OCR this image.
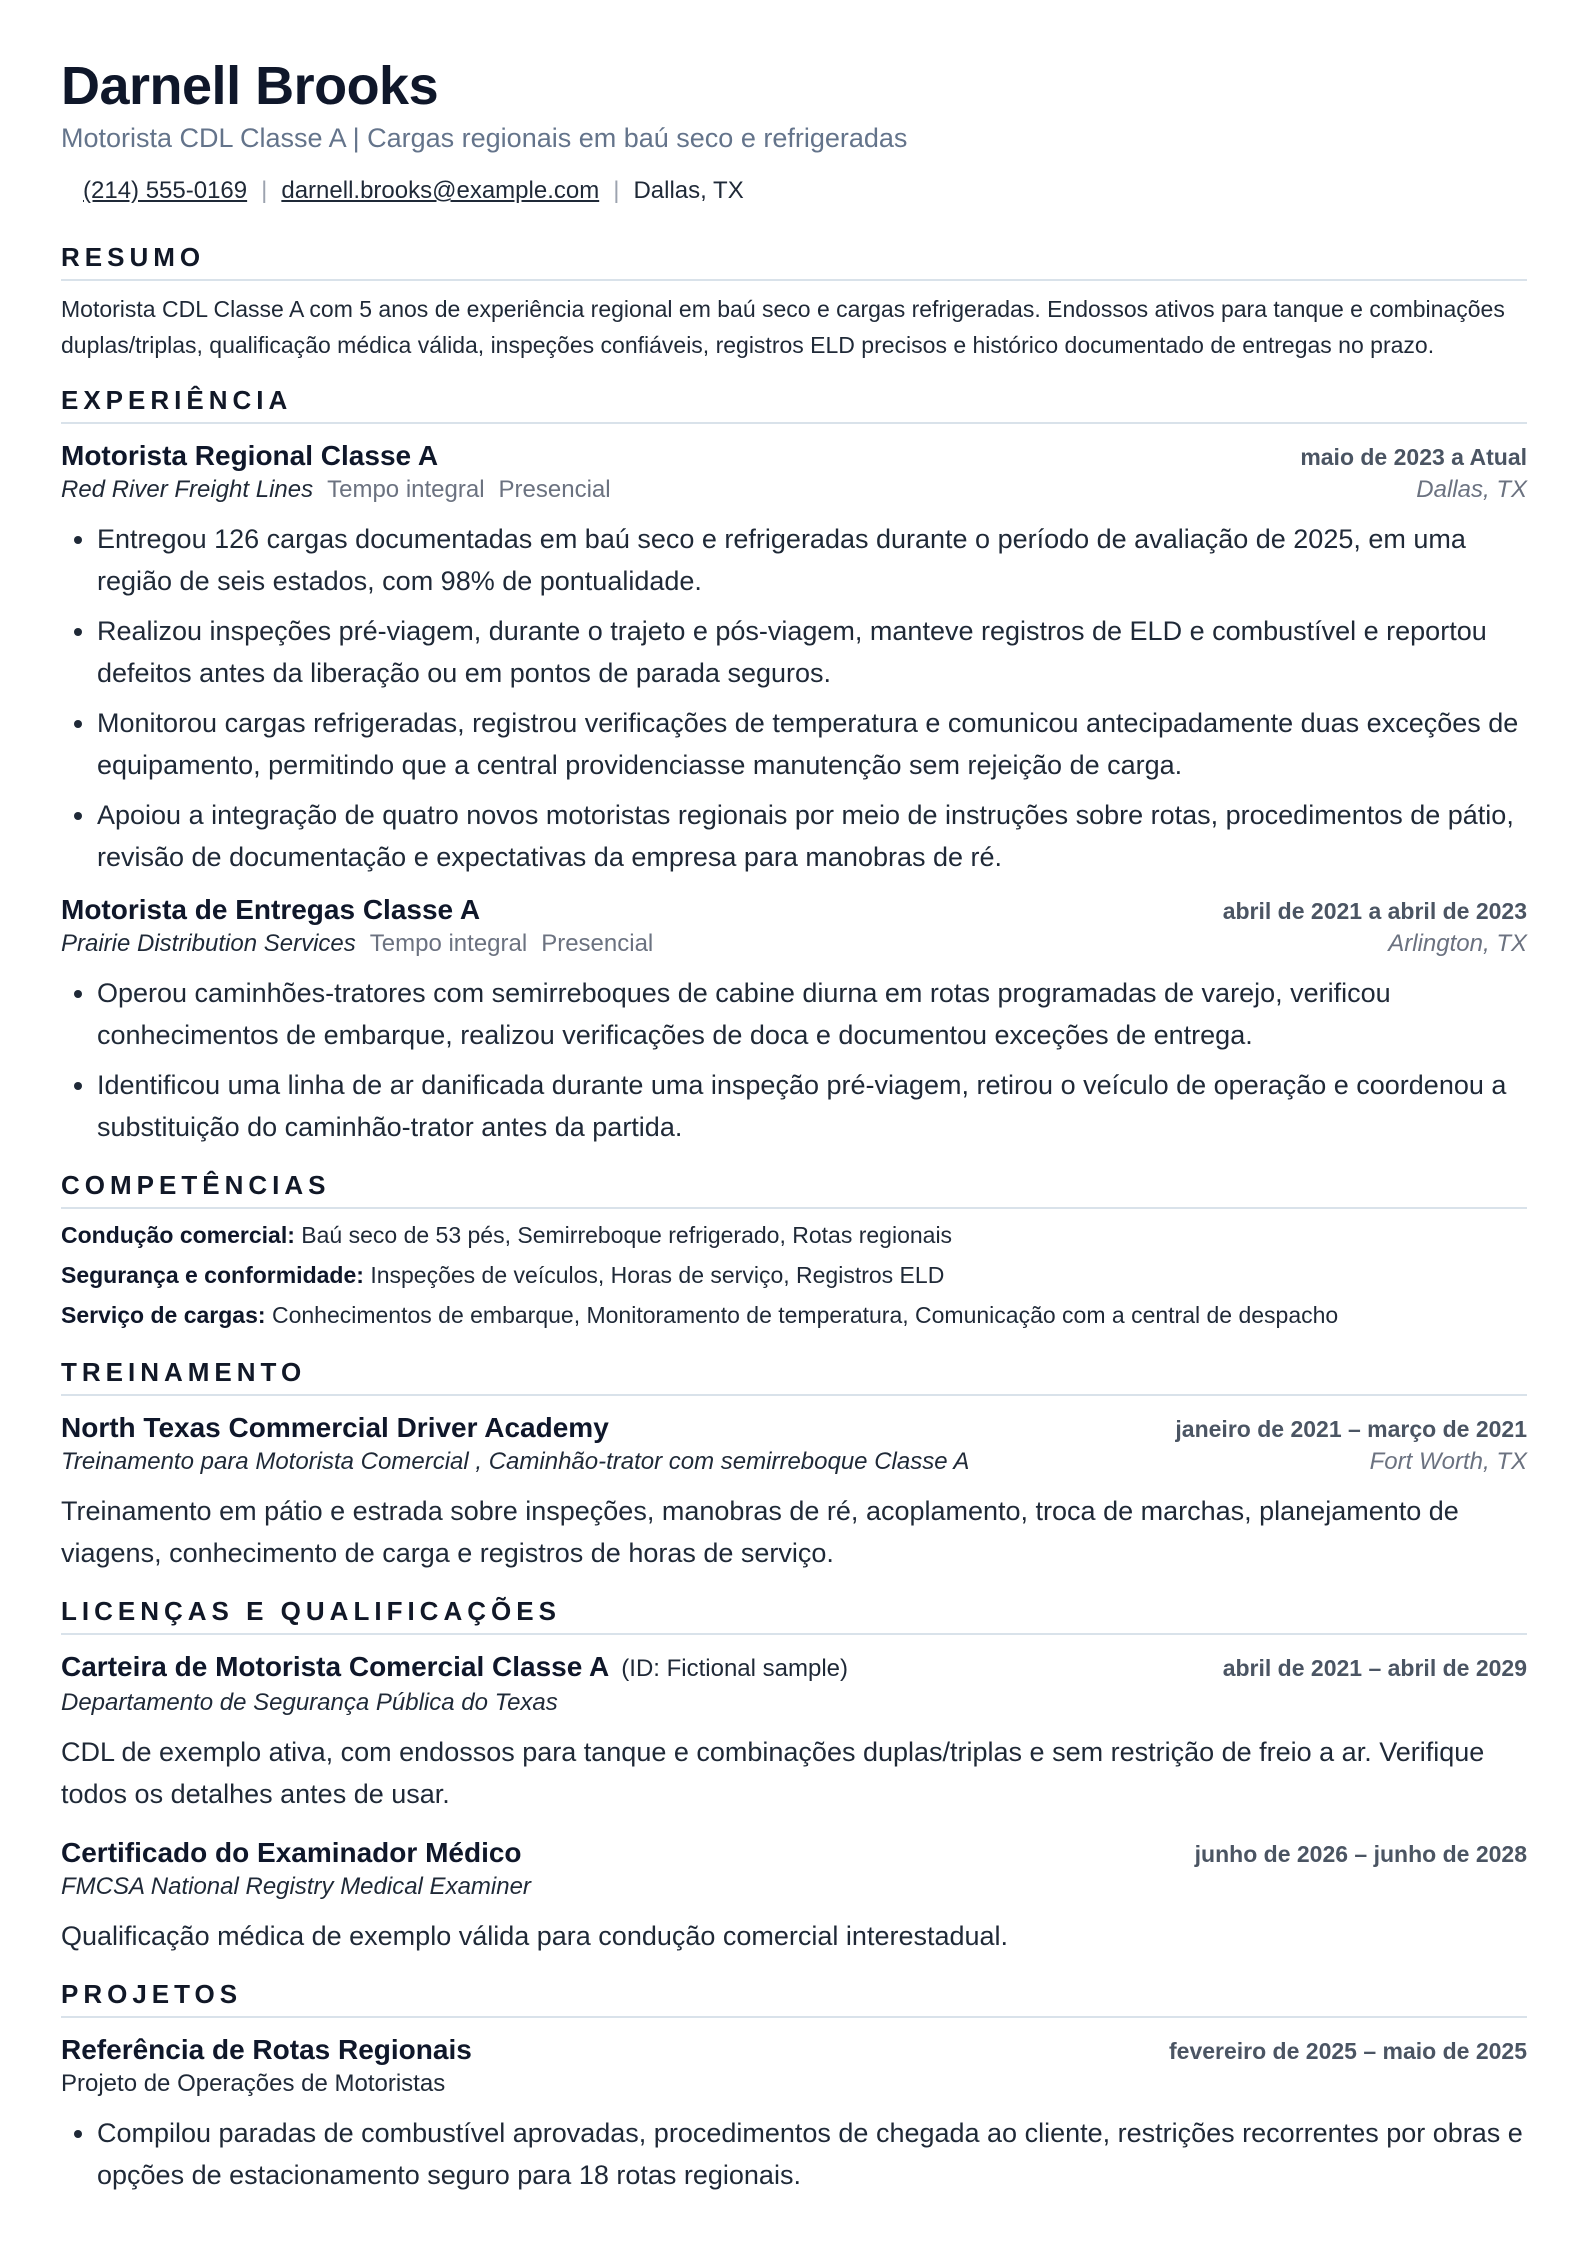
Darnell Brooks
Motorista CDL Classe A | Cargas regionais em baú seco e refrigeradas
(214) 555-0169 | darnell.brooks@example.com | Dallas, TX
RESUMO
Motorista CDL Classe A com 5 anos de experiência regional em baú seco e cargas refrigeradas. Endossos ativos para tanque e combinações duplas/triplas, qualificação médica válida, inspeções confiáveis, registros ELD precisos e histórico documentado de entregas no prazo.
EXPERIÊNCIA
Motorista Regional Classe A	maio de 2023 a Atual
Red River Freight Lines Tempo integral Presencial	Dallas, TX
• Entregou 126 cargas documentadas em baú seco e refrigeradas durante o período de avaliação de 2025, em uma região de seis estados, com 98% de pontualidade.
• Realizou inspeções pré-viagem, durante o trajeto e pós-viagem, manteve registros de ELD e combustível e reportou defeitos antes da liberação ou em pontos de parada seguros.
• Monitorou cargas refrigeradas, registrou verificações de temperatura e comunicou antecipadamente duas exceções de equipamento, permitindo que a central providenciasse manutenção sem rejeição de carga.
• Apoiou a integração de quatro novos motoristas regionais por meio de instruções sobre rotas, procedimentos de pátio, revisão de documentação e expectativas da empresa para manobras de ré.
Motorista de Entregas Classe A	abril de 2021 a abril de 2023
Prairie Distribution Services Tempo integral Presencial	Arlington, TX
• Operou caminhões-tratores com semirreboques de cabine diurna em rotas programadas de varejo, verificou conhecimentos de embarque, realizou verificações de doca e documentou exceções de entrega.
• Identificou uma linha de ar danificada durante uma inspeção pré-viagem, retirou o veículo de operação e coordenou a substituição do caminhão-trator antes da partida.
COMPETÊNCIAS
Condução comercial: Baú seco de 53 pés, Semirreboque refrigerado, Rotas regionais
Segurança e conformidade: Inspeções de veículos, Horas de serviço, Registros ELD
Serviço de cargas: Conhecimentos de embarque, Monitoramento de temperatura, Comunicação com a central de despacho
TREINAMENTO
North Texas Commercial Driver Academy	janeiro de 2021 – março de 2021
Treinamento para Motorista Comercial , Caminhão-trator com semirreboque Classe A	Fort Worth, TX
Treinamento em pátio e estrada sobre inspeções, manobras de ré, acoplamento, troca de marchas, planejamento de viagens, conhecimento de carga e registros de horas de serviço.
LICENÇAS E QUALIFICAÇÕES
Carteira de Motorista Comercial Classe A (ID: Fictional sample)	abril de 2021 – abril de 2029
Departamento de Segurança Pública do Texas
CDL de exemplo ativa, com endossos para tanque e combinações duplas/triplas e sem restrição de freio a ar. Verifique todos os detalhes antes de usar.
Certificado do Examinador Médico	junho de 2026 – junho de 2028
FMCSA National Registry Medical Examiner
Qualificação médica de exemplo válida para condução comercial interestadual.
PROJETOS
Referência de Rotas Regionais	fevereiro de 2025 – maio de 2025
Projeto de Operações de Motoristas
• Compilou paradas de combustível aprovadas, procedimentos de chegada ao cliente, restrições recorrentes por obras e opções de estacionamento seguro para 18 rotas regionais.
